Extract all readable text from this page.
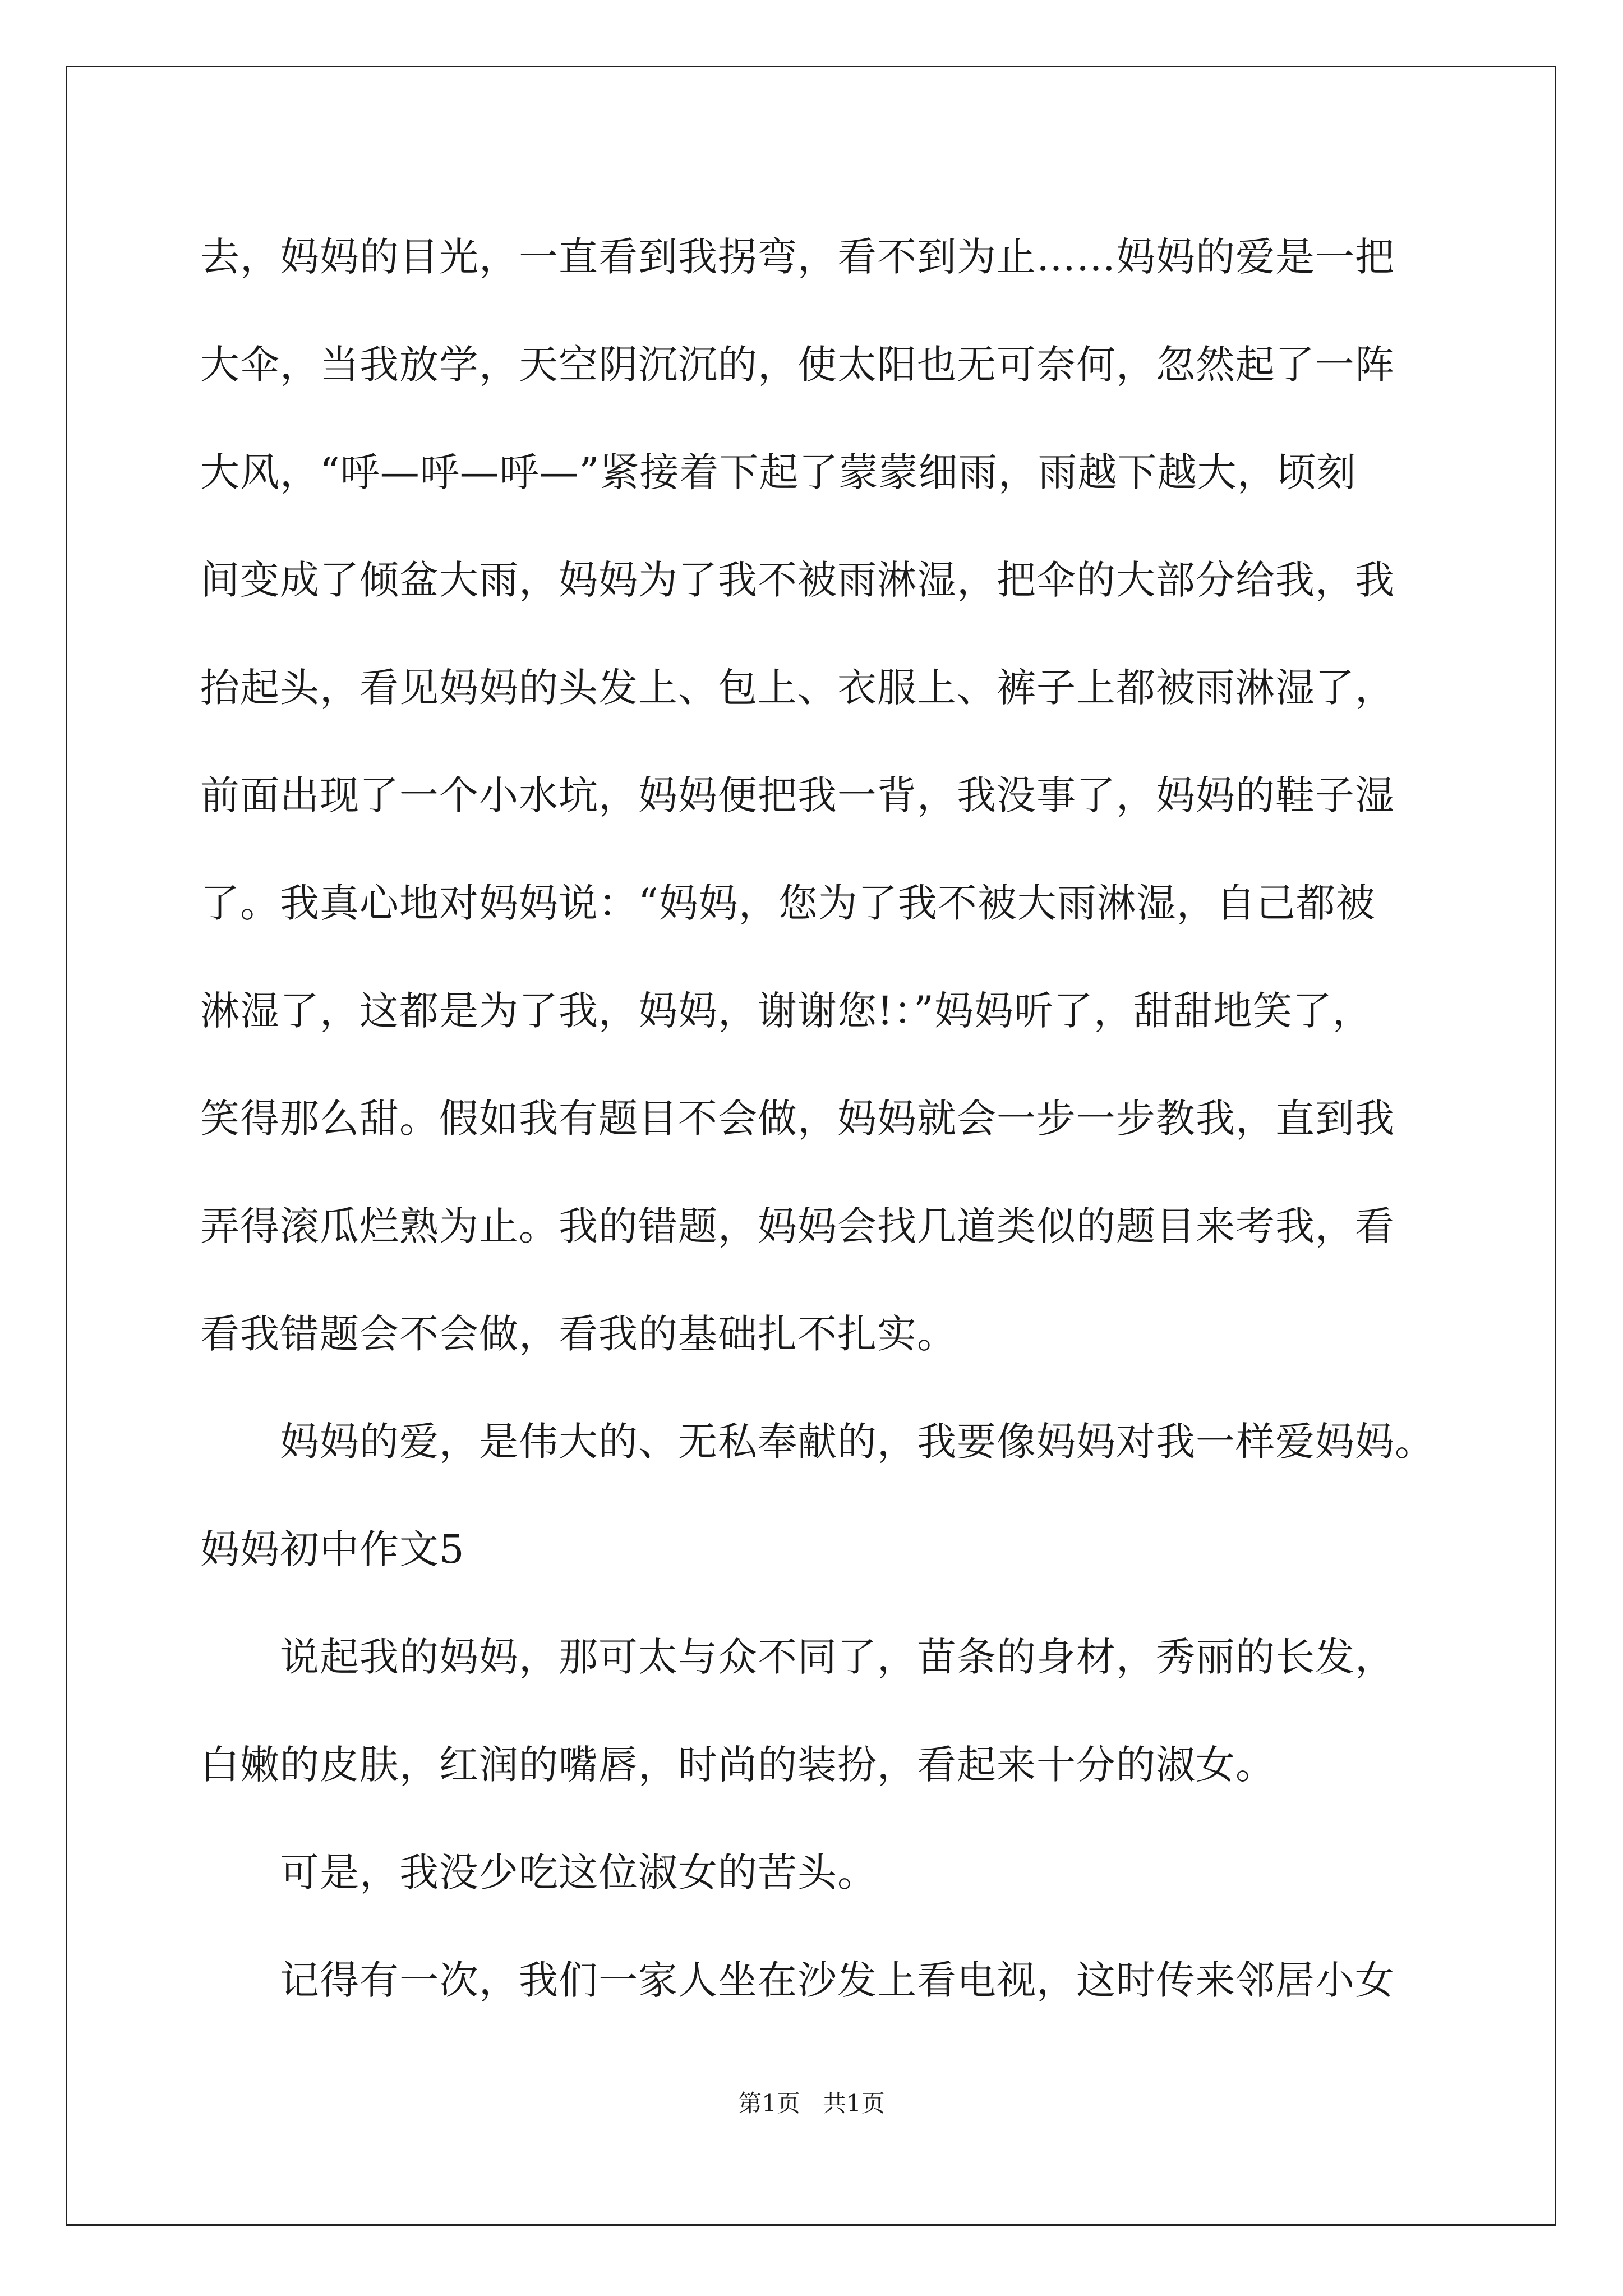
去，妈妈的目光，一直看到我拐弯，看不到为止……妈妈的爱是一把
大伞，当我放学，天空阴沉沉的，使太阳也无可奈何，忽然起了一阵
大风，“呼—呼—呼—”紧接着下起了蒙蒙细雨，雨越下越大，顷刻
间变成了倾盆大雨，妈妈为了我不被雨淋湿，把伞的大部分给我，我
抬起头，看见妈妈的头发上、包上、衣服上、裤子上都被雨淋湿了，
前面出现了一个小水坑，妈妈便把我一背，我没事了，妈妈的鞋子湿
了。我真心地对妈妈说：“妈妈，您为了我不被大雨淋湿，自己都被
淋湿了，这都是为了我，妈妈，谢谢您!：”妈妈听了，甜甜地笑了，
笑得那么甜。假如我有题目不会做，妈妈就会一步一步教我，直到我
弄得滚瓜烂熟为止。我的错题，妈妈会找几道类似的题目来考我，看
看我错题会不会做，看我的基础扎不扎实。
妈妈的爱，是伟大的、无私奉献的，我要像妈妈对我一样爱妈妈。
妈妈初中作文5
说起我的妈妈，那可太与众不同了，苗条的身材，秀丽的长发，
白嫩的皮肤，红润的嘴唇，时尚的装扮，看起来十分的淑女。
可是，我没少吃这位淑女的苦头。
记得有一次，我们一家人坐在沙发上看电视，这时传来邻居小女
第1页   共1页
